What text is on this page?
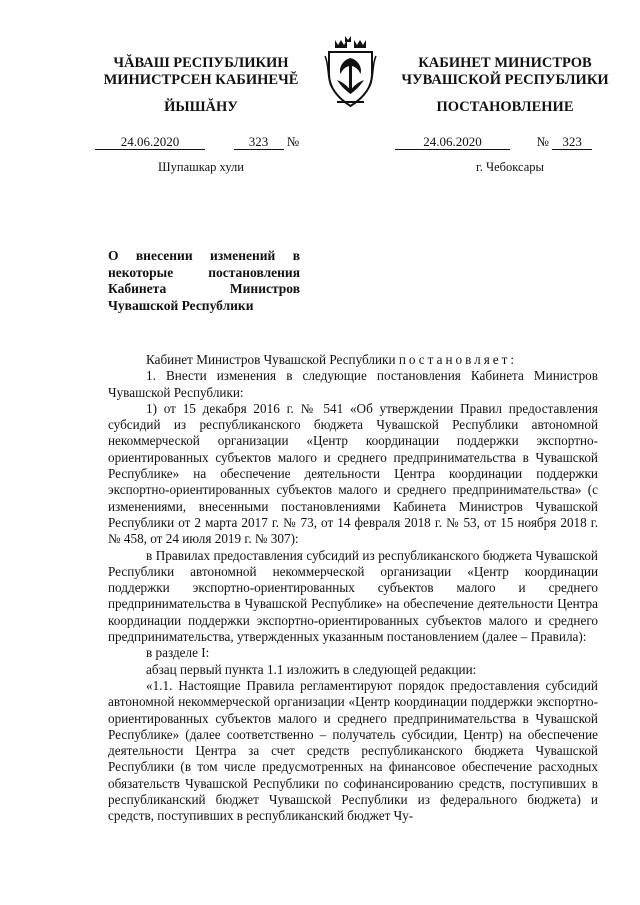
ЧĂВАШ РЕСПУБЛИКИН
МИНИСТРСЕН КАБИНЕЧĔ
ЙЫШĂНУ
КАБИНЕТ МИНИСТРОВ
ЧУВАШСКОЙ РЕСПУБЛИКИ
ПОСТАНОВЛЕНИЕ
24.06.2020	323 №	24.06.2020	№ 323
Шупашкар хули	г. Чебоксары
О внесении изменений в некоторые постановления Кабинета Министров Чувашской Республики

Кабинет Министров Чувашской Республики постановляет:

1. Внести изменения в следующие постановления Кабинета Министров Чувашской Республики:

1) от 15 декабря 2016 г. № 541 «Об утверждении Правил предоставления субсидий из республиканского бюджета Чувашской Республики автономной некоммерческой организации «Центр координации поддержки экспортно-ориентированных субъектов малого и среднего предпринимательства в Чувашской Республике» на обеспечение деятельности Центра координации поддержки экспортно-ориентированных субъектов малого и среднего предпринимательства» (с изменениями, внесенными постановлениями Кабинета Министров Чувашской Республики от 2 марта 2017 г. № 73, от 14 февраля 2018 г. № 53, от 15 ноября 2018 г. № 458, от 24 июля 2019 г. № 307):

в Правилах предоставления субсидий из республиканского бюджета Чувашской Республики автономной некоммерческой организации «Центр координации поддержки экспортно-ориентированных субъектов малого и среднего предпринимательства в Чувашской Республике» на обеспечение деятельности Центра координации поддержки экспортно-ориентированных субъектов малого и среднего предпринимательства, утвержденных указанным постановлением (далее – Правила):

в разделе I:

абзац первый пункта 1.1 изложить в следующей редакции:

«1.1. Настоящие Правила регламентируют порядок предоставления субсидий автономной некоммерческой организации «Центр координации поддержки экспортно-ориентированных субъектов малого и среднего предпринимательства в Чувашской Республике» (далее соответственно – получатель субсидии, Центр) на обеспечение деятельности Центра за счет средств республиканского бюджета Чувашской Республики (в том числе предусмотренных на финансовое обеспечение расходных обязательств Чувашской Республики по софинансированию средств, поступивших в республиканский бюджет Чувашской Республики из федерального бюджета) и средств, поступивших в республиканский бюджет Чу-
